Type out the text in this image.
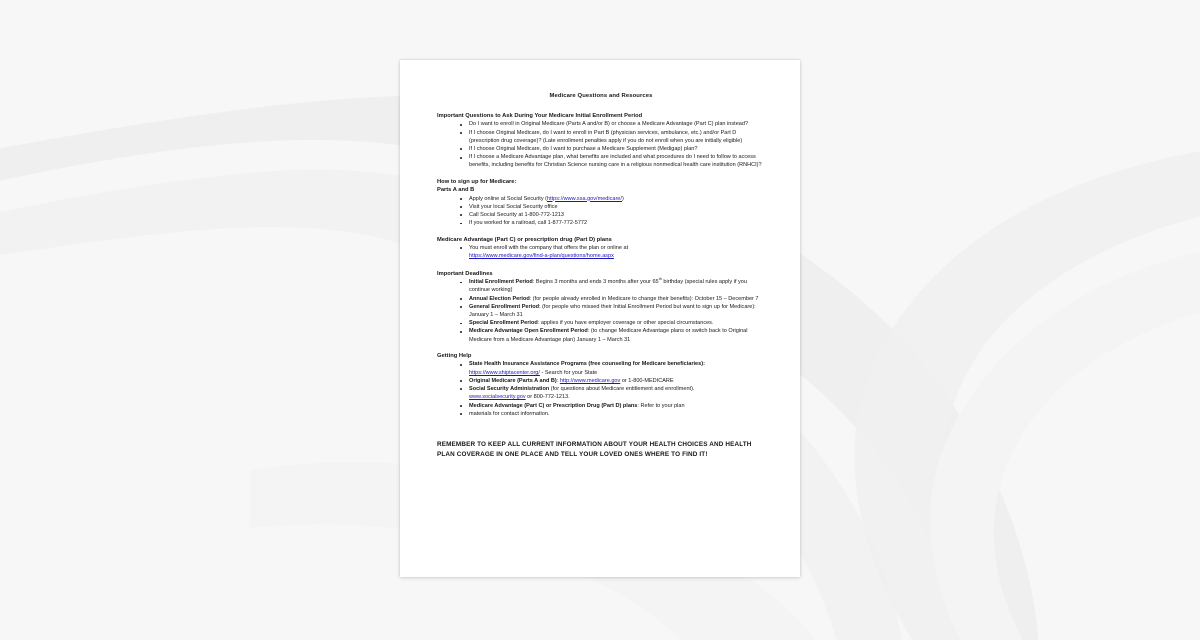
Medicare Questions and Resources
Important Questions to Ask During Your Medicare Initial Enrollment Period
Do I want to enroll in Original Medicare (Parts A and/or B) or choose a Medicare Advantage (Part C) plan instead?
If I choose Original Medicare, do I want to enroll in Part B (physician services, ambulance, etc.) and/or Part D (prescription drug coverage)? (Late enrollment penalties apply if you do not enroll when you are initially eligible)
If I choose Original Medicare, do I want to purchase a Medicare Supplement (Medigap) plan?
If I choose a Medicare Advantage plan, what benefits are included and what procedures do I need to follow to access benefits, including benefits for Christian Science nursing care in a religious nonmedical health care institution (RNHCI)?
How to sign up for Medicare:
Parts A and B
Apply online at Social Security (https://www.ssa.gov/medicare/)
Visit your local Social Security office
Call Social Security at 1-800-772-1213
If you worked for a railroad, call 1-877-772-5772
Medicare Advantage (Part C) or prescription drug (Part D) plans
You must enroll with the company that offers the plan or online at
https://www.medicare.gov/find-a-plan/questions/home.aspx
Important Deadlines
Initial Enrollment Period: Begins 3 months and ends 3 months after your 65th birthday (special rules apply if you continue working)
Annual Election Period: (for people already enrolled in Medicare to change their benefits): October 15 – December 7
General Enrollment Period: (for people who missed their Initial Enrollment Period but want to sign up for Medicare): January 1 – March 31
Special Enrollment Period: applies if you have employer coverage or other special circumstances.
Medicare Advantage Open Enrollment Period: (to change Medicare Advantage plans or switch back to Original Medicare from a Medicare Advantage plan) January 1 – March 31
Getting Help
State Health Insurance Assistance Programs (free counseling for Medicare beneficiaries):
https://www.shiptacenter.org/ - Search for your State
Original Medicare (Parts A and B): http://www.medicare.gov or 1-800-MEDICARE
Social Security Administration (for questions about Medicare entitlement and enrollment).
www.socialsecurity.gov or 800-772-1213.
Medicare Advantage (Part C) or Prescription Drug (Part D) plans: Refer to your plan
materials for contact information.
REMEMBER TO KEEP ALL CURRENT INFORMATION ABOUT YOUR HEALTH CHOICES AND HEALTH PLAN COVERAGE IN ONE PLACE AND TELL YOUR LOVED ONES WHERE TO FIND IT!
